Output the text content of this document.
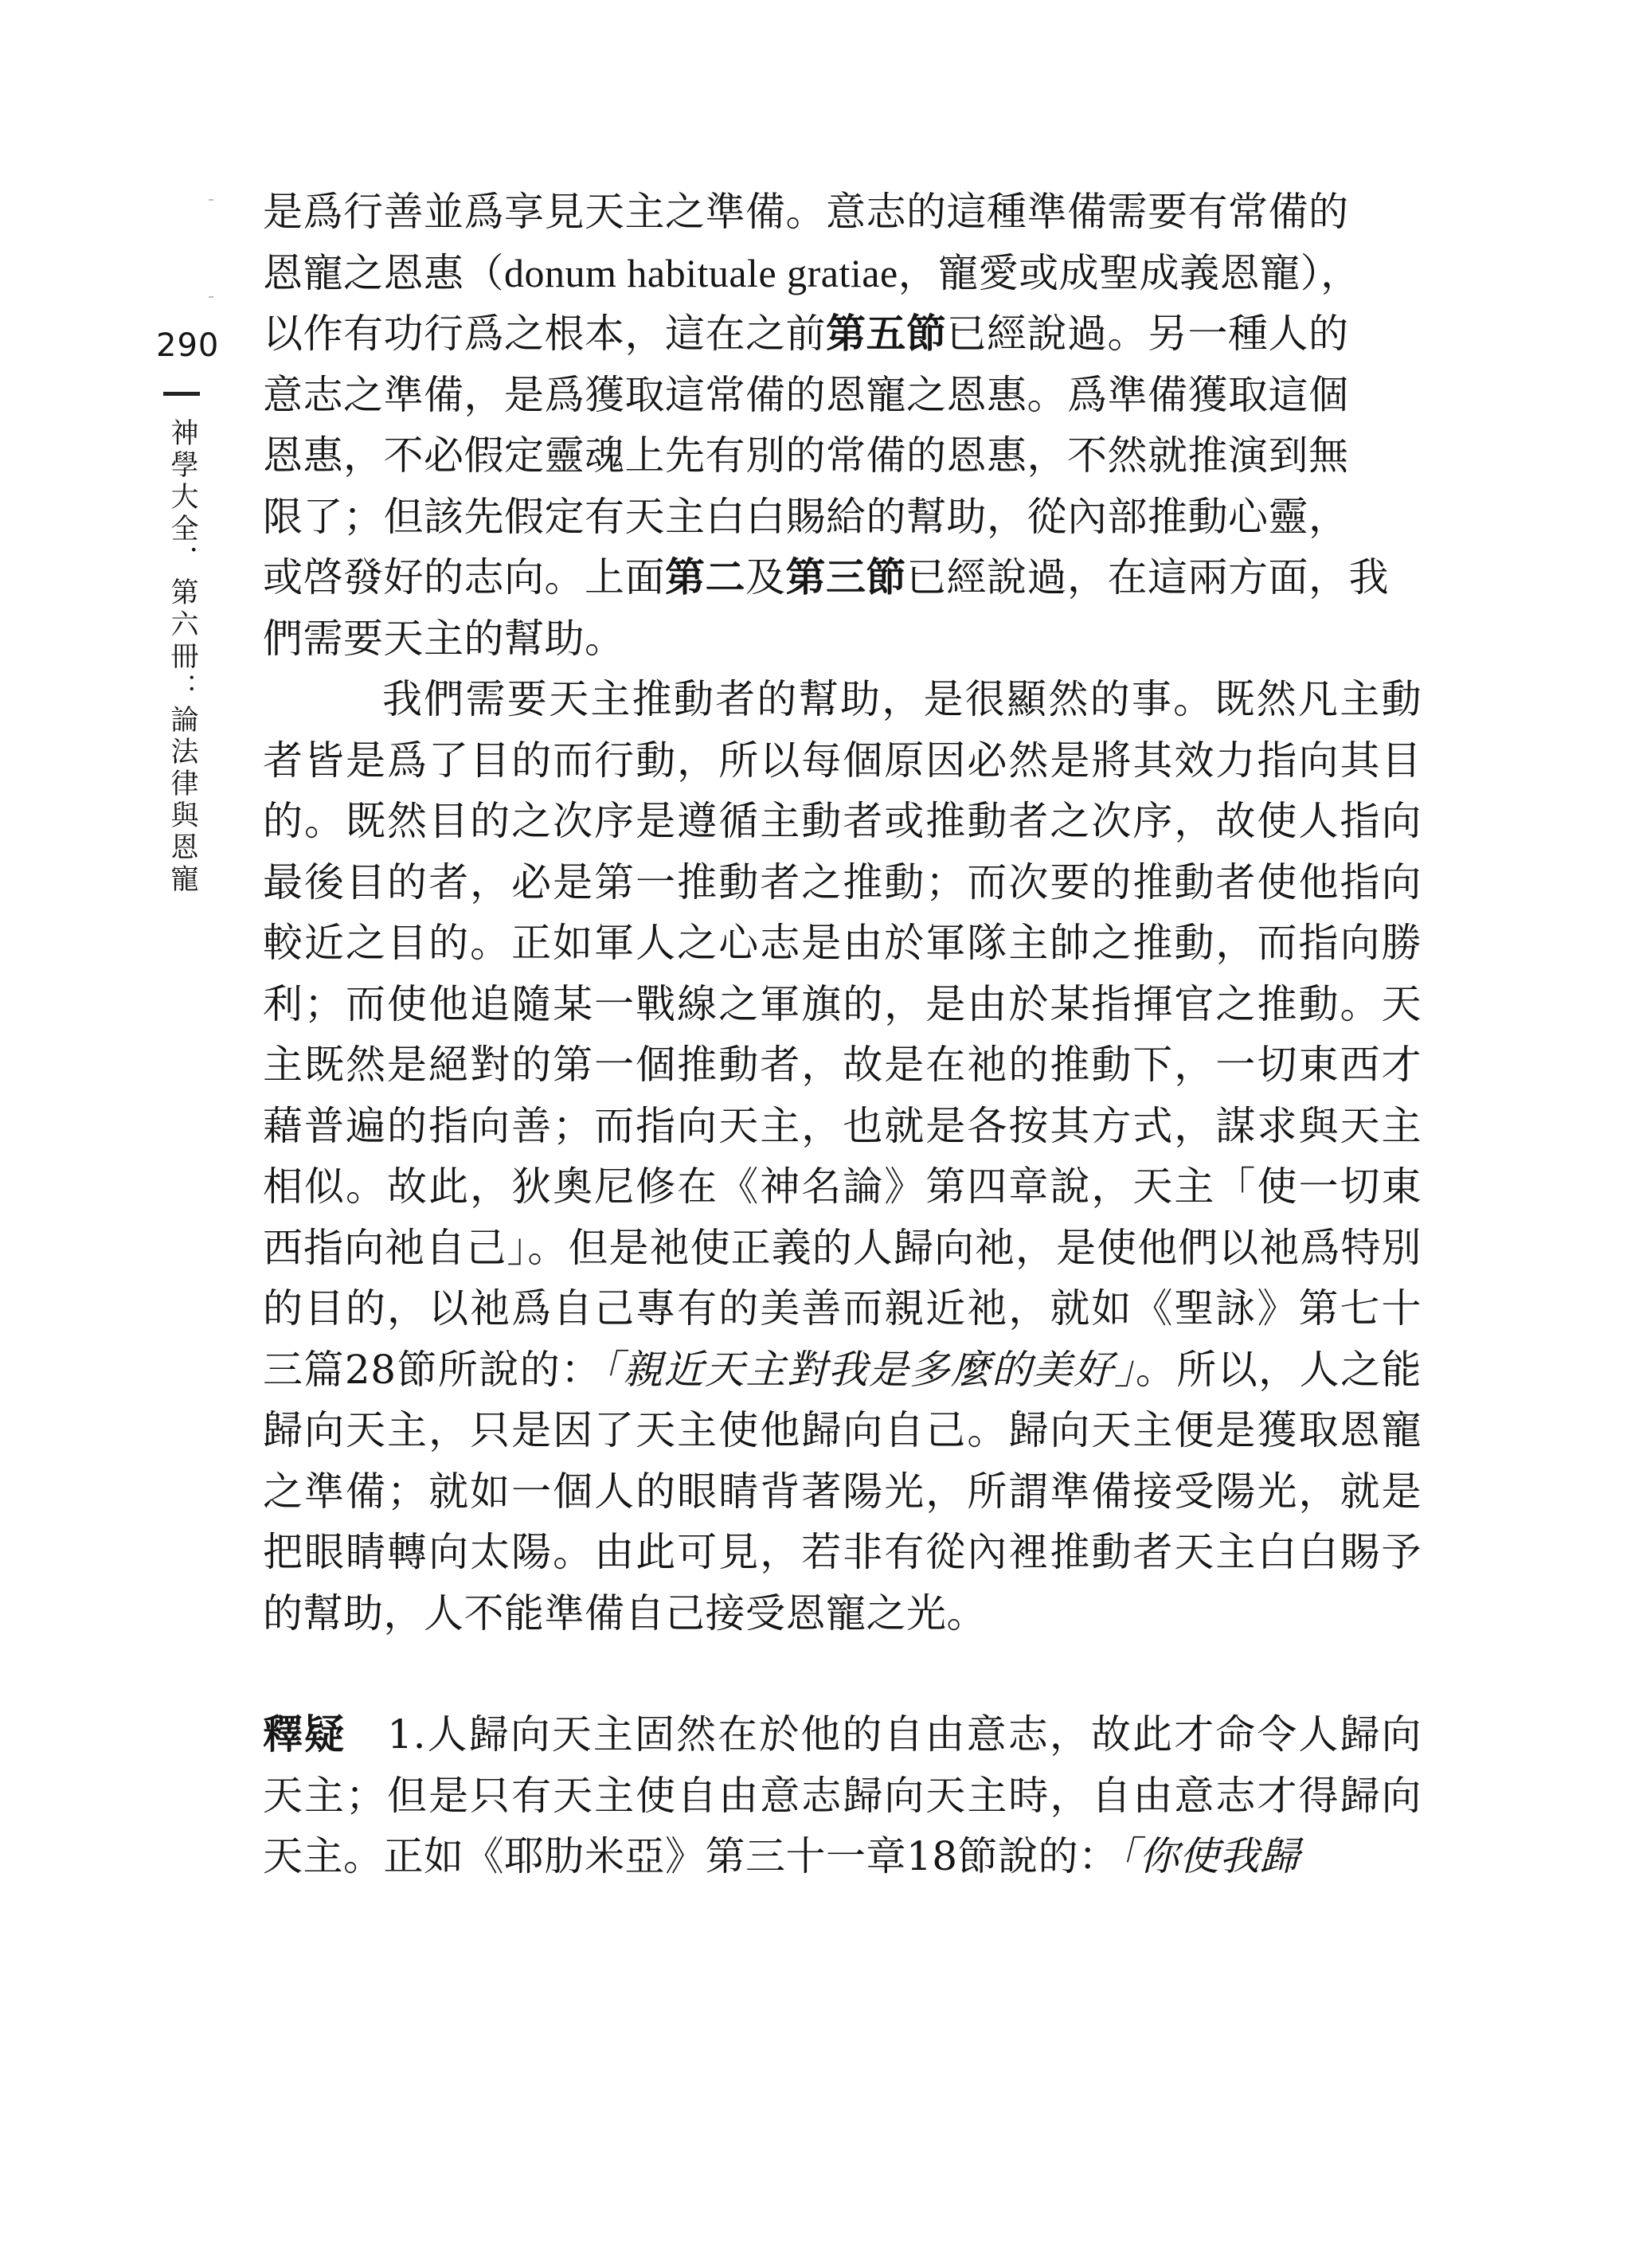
290
神學大全．第六冊：論法律與恩寵

是爲行善並爲享見天主之準備。意志的這種準備需要有常備的
恩寵之恩惠（donum habituale gratiae，寵愛或成聖成義恩寵），
以作有功行爲之根本，這在之前第五節已經說過。另一種人的
意志之準備，是爲獲取這常備的恩寵之恩惠。爲準備獲取這個
恩惠，不必假定靈魂上先有別的常備的恩惠，不然就推演到無
限了；但該先假定有天主白白賜給的幫助，從內部推動心靈，
或啓發好的志向。上面第二及第三節已經說過，在這兩方面，我
們需要天主的幫助。

我們需要天主推動者的幫助，是很顯然的事。既然凡主動者皆是爲了目的而行動，所以每個原因必然是將其效力指向其目的。既然目的之次序是遵循主動者或推動者之次序，故使人指向最後目的者，必是第一推動者之推動；而次要的推動者使他指向較近之目的。正如軍人之心志是由於軍隊主帥之推動，而指向勝利；而使他追隨某一戰線之軍旗的，是由於某指揮官之推動。天主既然是絕對的第一個推動者，故是在祂的推動下，一切東西才藉普遍的指向善；而指向天主，也就是各按其方式，謀求與天主相似。故此，狄奧尼修在《神名論》第四章說，天主「使一切東西指向祂自己」。但是祂使正義的人歸向祂，是使他們以祂爲特別的目的，以祂爲自己專有的美善而親近祂，就如《聖詠》第七十三篇28節所說的：「親近天主對我是多麼的美好」。所以，人之能歸向天主，只是因了天主使他歸向自己。歸向天主便是獲取恩寵之準備；就如一個人的眼睛背著陽光，所謂準備接受陽光，就是把眼睛轉向太陽。由此可見，若非有從內裡推動者天主白白賜予的幫助，人不能準備自己接受恩寵之光。

釋疑　1.人歸向天主固然在於他的自由意志，故此才命令人歸向天主；但是只有天主使自由意志歸向天主時，自由意志才得歸向天主。正如《耶肋米亞》第三十一章18節說的：「你使我歸
